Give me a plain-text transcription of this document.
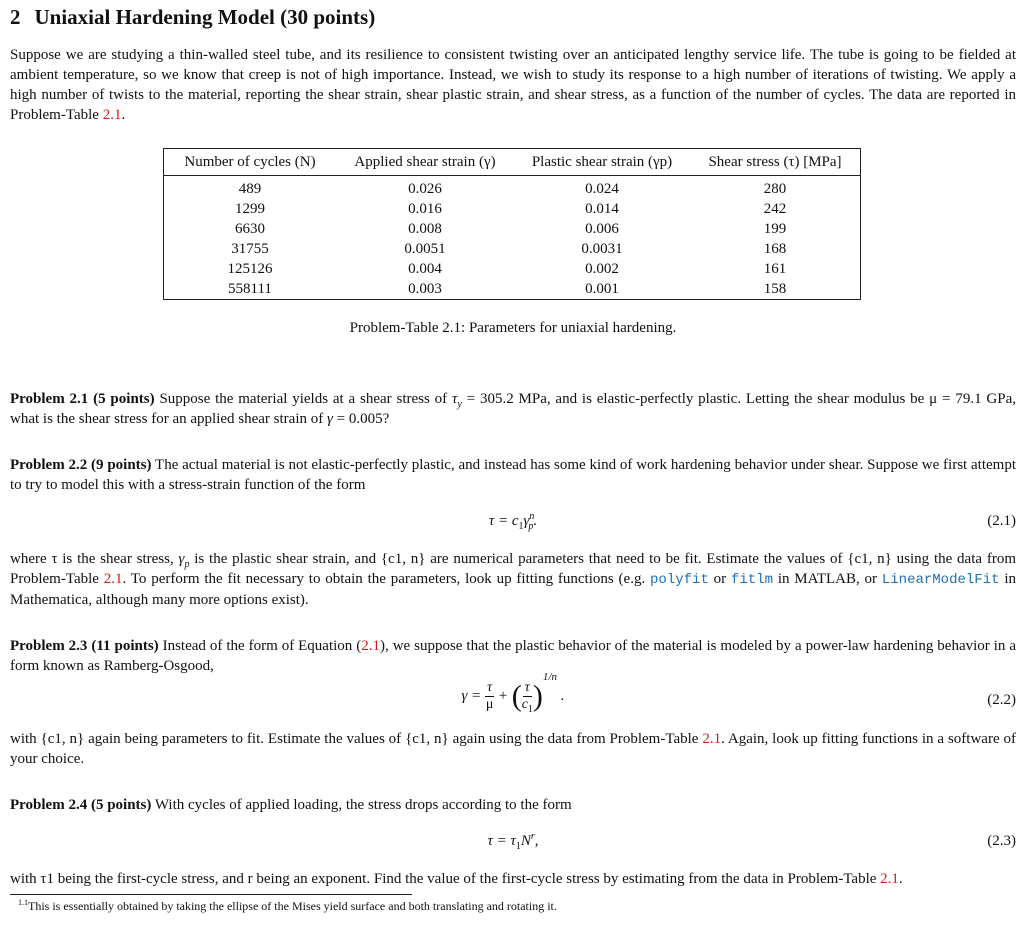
2 Uniaxial Hardening Model (30 points)

Suppose we are studying a thin-walled steel tube, and its resilience to consistent twisting over an anticipated lengthy service life. The tube is going to be fielded at ambient temperature, so we know that creep is not of high importance. Instead, we wish to study its response to a high number of iterations of twisting. We apply a high number of twists to the material, reporting the shear strain, shear plastic strain, and shear stress, as a function of the number of cycles. The data are reported in Problem-Table 2.1.

Number of cycles (N)	Applied shear strain (γ)	Plastic shear strain (γp)	Shear stress (τ) [MPa]
489	0.026	0.024	280
1299	0.016	0.014	242
6630	0.008	0.006	199
31755	0.0051	0.0031	168
125126	0.004	0.002	161
558111	0.003	0.001	158

Problem-Table 2.1: Parameters for uniaxial hardening.

Problem 2.1 (5 points) Suppose the material yields at a shear stress of $\tau_y = 305.2$ MPa, and is elastic-perfectly plastic. Letting the shear modulus be μ = 79.1 GPa, what is the shear stress for an applied shear strain of γ = 0.005?

Problem 2.2 (9 points) The actual material is not elastic-perfectly plastic, and instead has some kind of work hardening behavior under shear. Suppose we first attempt to try to model this with a stress-strain function of the form

$\tau = c_1\gamma^n_p$.	(2.1)

where τ is the shear stress, $\gamma_p$ is the plastic shear strain, and {c1, n} are numerical parameters that need to be fit. Estimate the values of {c1, n} using the data from Problem-Table 2.1. To perform the fit necessary to obtain the parameters, look up fitting functions (e.g. polyfit or fitlm in MATLAB, or LinearModelFit in Mathematica, although many more options exist).

Problem 2.3 (11 points) Instead of the form of Equation (2.1), we suppose that the plastic behavior of the material is modeled by a power-law hardening behavior in a form known as Ramberg-Osgood,

$\gamma = \frac{\tau}{\mu}$ + ( $\frac{\tau}{c_1} )^{1/n}$ .	(2.2)

with {c1, n} again being parameters to fit. Estimate the values of {c1, n} again using the data from Problem-Table 2.1. Again, look up fitting functions in a software of your choice.

Problem 2.4 (5 points) With cycles of applied loading, the stress drops according to the form

$\tau = \tau_1N^r$,	(2.3)

with τ1 being the first-cycle stress, and r being an exponent. Find the value of the first-cycle stress by estimating from the data in Problem-Table 2.1.

$^{1.1}$This is essentially obtained by taking the ellipse of the Mises yield surface and both translating and rotating it.
